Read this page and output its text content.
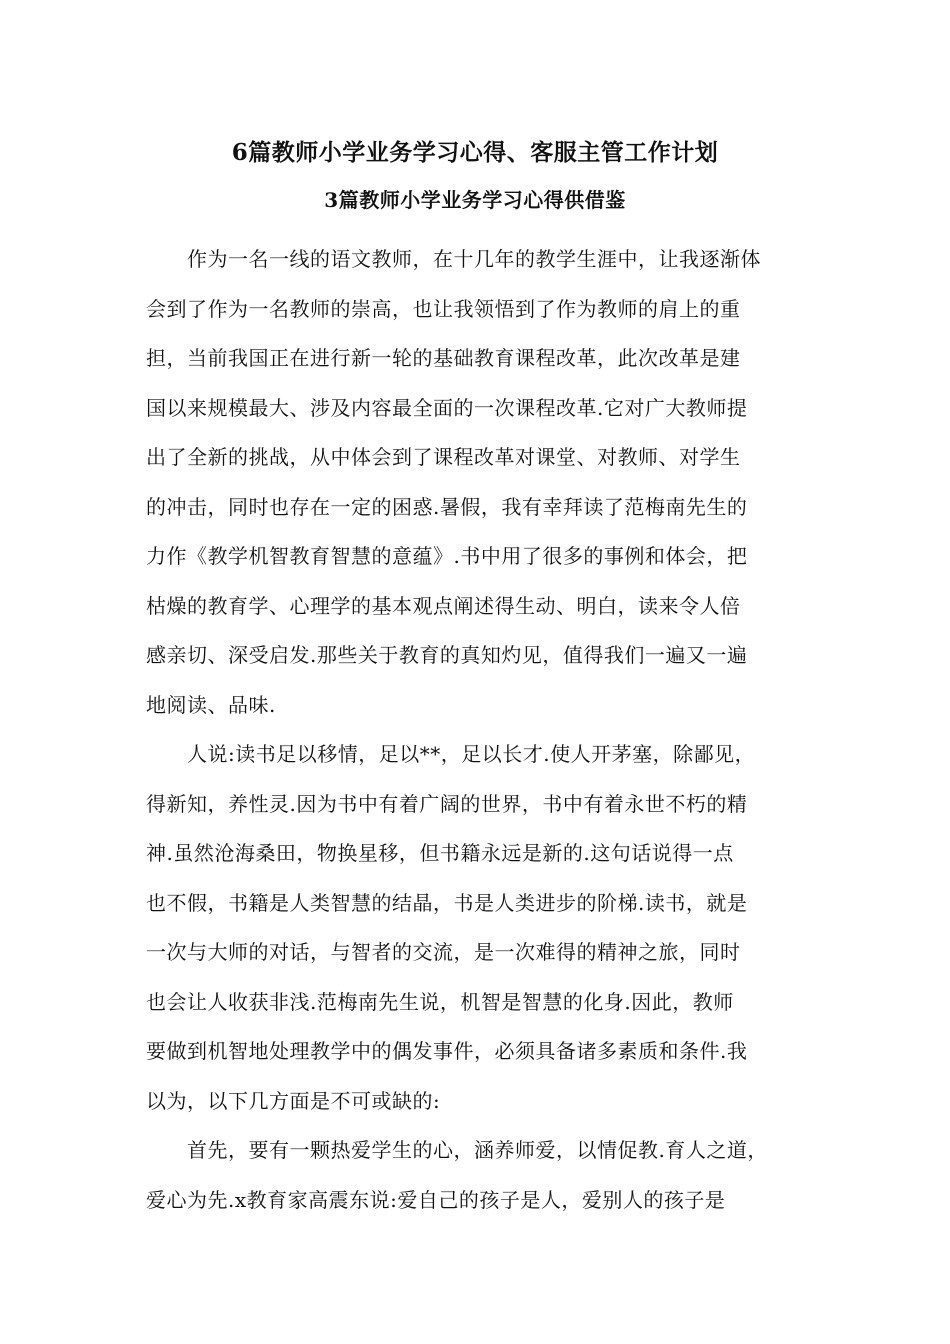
6篇教师小学业务学习心得、客服主管工作计划
3篇教师小学业务学习心得供借鉴

　　作为一名一线的语文教师，在十几年的教学生涯中，让我逐渐体
会到了作为一名教师的崇高，也让我领悟到了作为教师的肩上的重
担，当前我国正在进行新一轮的基础教育课程改革，此次改革是建
国以来规模最大、涉及内容最全面的一次课程改革.它对广大教师提
出了全新的挑战，从中体会到了课程改革对课堂、对教师、对学生
的冲击，同时也存在一定的困惑.暑假，我有幸拜读了范梅南先生的
力作《教学机智教育智慧的意蕴》.书中用了很多的事例和体会，把
枯燥的教育学、心理学的基本观点阐述得生动、明白，读来令人倍
感亲切、深受启发.那些关于教育的真知灼见，值得我们一遍又一遍
地阅读、品味.

　　人说:读书足以移情，足以**，足以长才.使人开茅塞，除鄙见，
得新知，养性灵.因为书中有着广阔的世界，书中有着永世不朽的精
神.虽然沧海桑田，物换星移，但书籍永远是新的.这句话说得一点
也不假，书籍是人类智慧的结晶，书是人类进步的阶梯.读书，就是
一次与大师的对话，与智者的交流，是一次难得的精神之旅，同时
也会让人收获非浅.范梅南先生说，机智是智慧的化身.因此，教师
要做到机智地处理教学中的偶发事件，必须具备诸多素质和条件.我
以为，以下几方面是不可或缺的:

　　首先，要有一颗热爱学生的心，涵养师爱，以情促教.育人之道，
爱心为先.x教育家高震东说:爱自己的孩子是人，爱别人的孩子是
